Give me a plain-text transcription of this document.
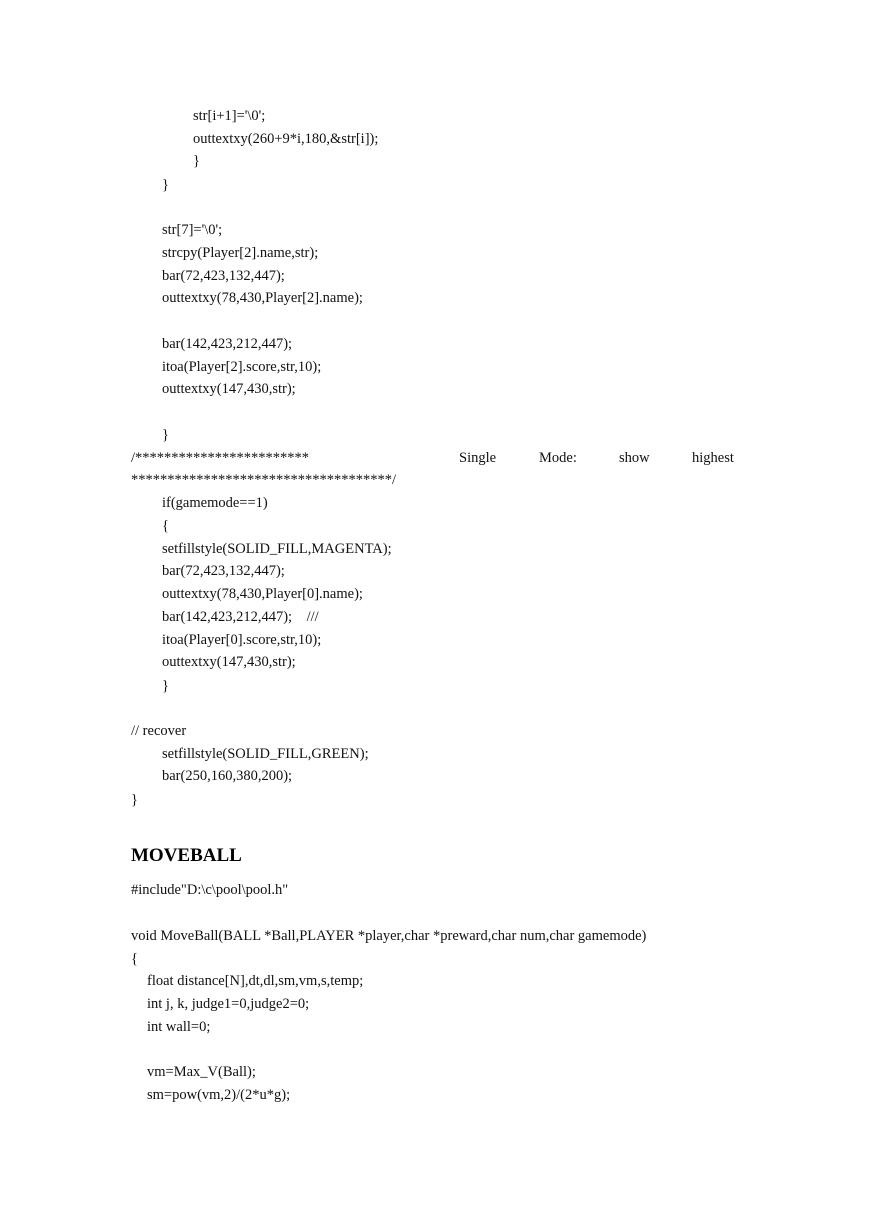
str[i+1]='\0';
outtextxy(260+9*i,180,&str[i]);
}
}
str[7]='\0';
strcpy(Player[2].name,str);
bar(72,423,132,447);
outtextxy(78,430,Player[2].name);
bar(142,423,212,447);
itoa(Player[2].score,str,10);
outtextxy(147,430,str);
}
/************************	Single	Mode:	show	highest
************************************/
if(gamemode==1)
{
setfillstyle(SOLID_FILL,MAGENTA);
bar(72,423,132,447);
outtextxy(78,430,Player[0].name);
bar(142,423,212,447);    ///
itoa(Player[0].score,str,10);
outtextxy(147,430,str);
}
// recover
setfillstyle(SOLID_FILL,GREEN);
bar(250,160,380,200);
}
MOVEBALL
#include"D:\c\pool\pool.h"
void MoveBall(BALL *Ball,PLAYER *player,char *preward,char num,char gamemode)
{
float distance[N],dt,dl,sm,vm,s,temp;
int j, k, judge1=0,judge2=0;
int wall=0;
vm=Max_V(Ball);
sm=pow(vm,2)/(2*u*g);
